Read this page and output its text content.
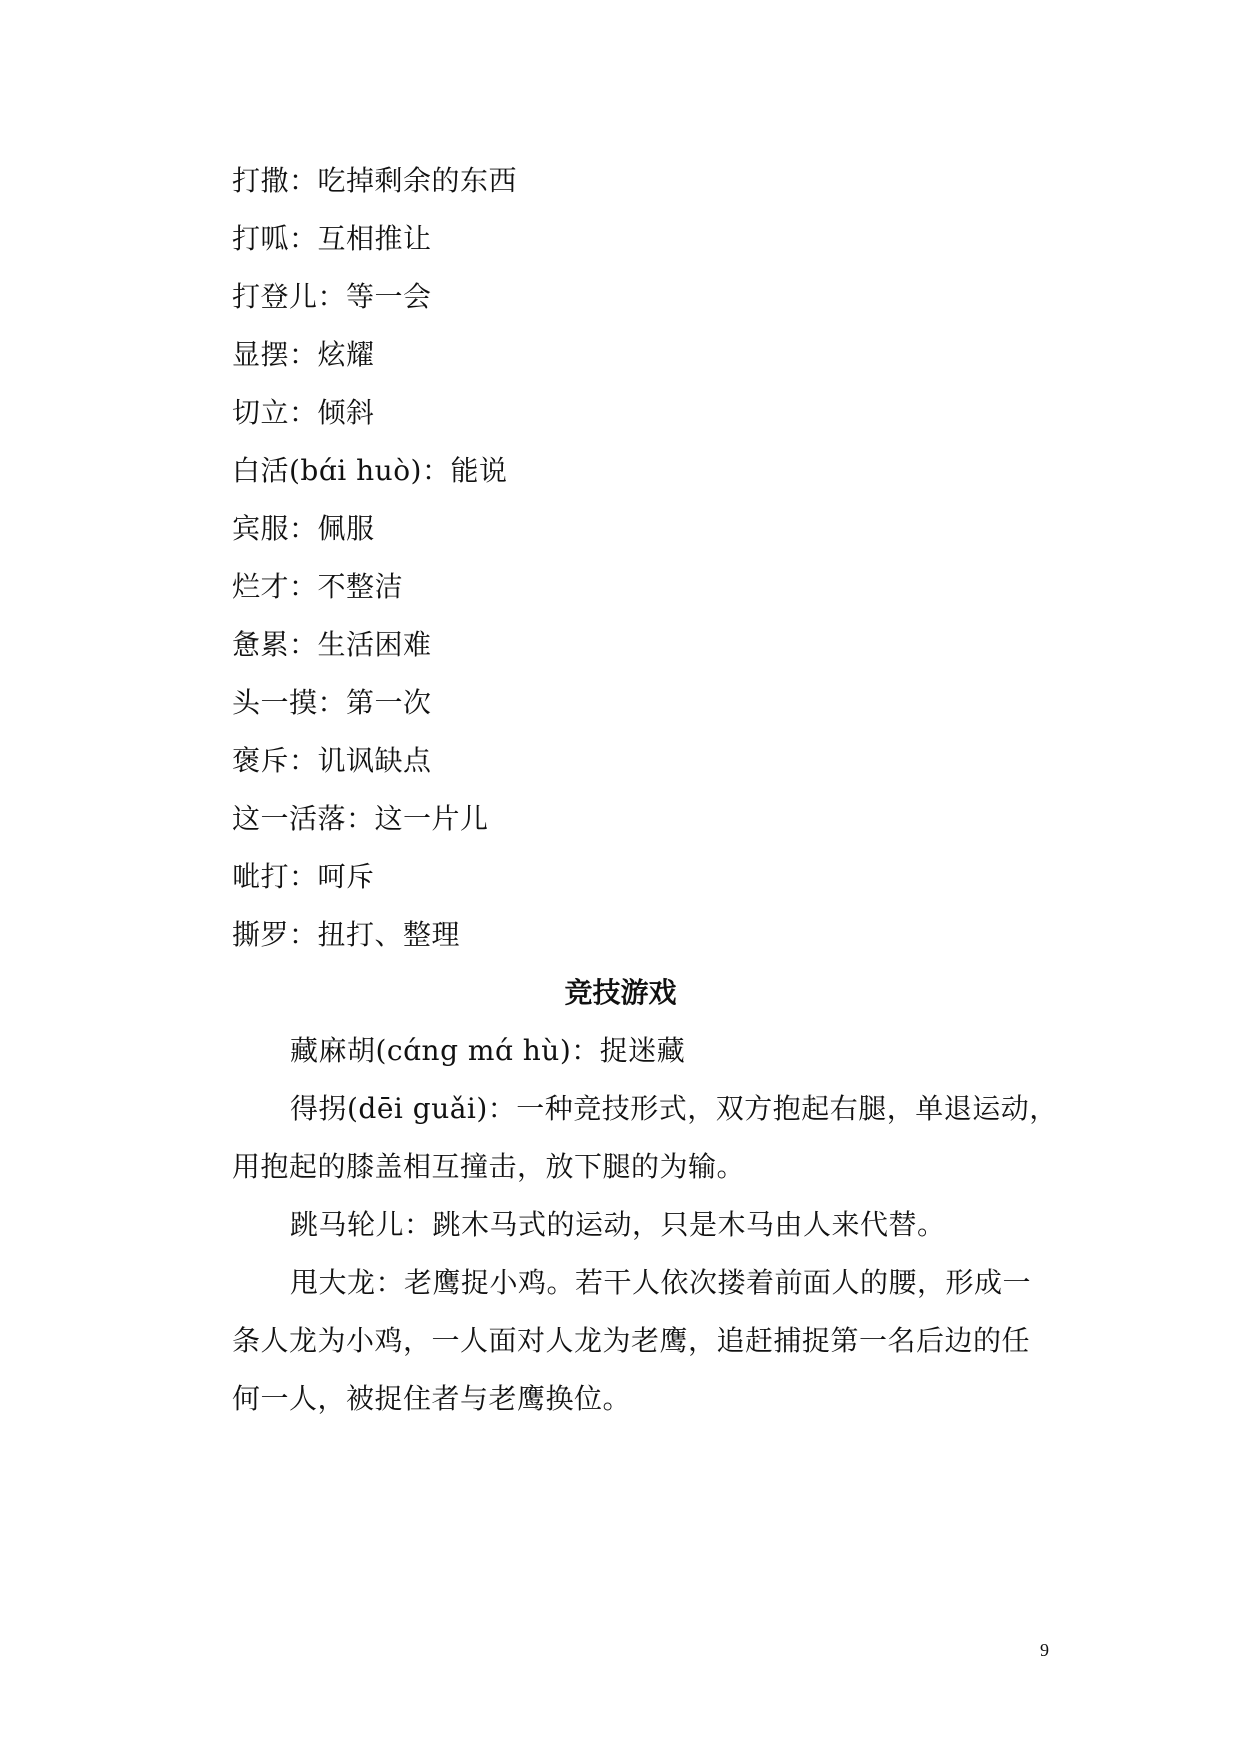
打撒：吃掉剩余的东西
打呱：互相推让
打登儿：等一会
显摆：炫耀
切立：倾斜
白活(bɑ́i huò)：能说
宾服：佩服
烂才：不整洁
惫累：生活困难
头一摸：第一次
褒斥：讥讽缺点
这一活落：这一片儿
呲打：呵斥
撕罗：扭打、整理
竞技游戏
藏麻胡(cɑ́ng mɑ́ hù)：捉迷藏
得拐(dēi guǎi)：一种竞技形式，双方抱起右腿，单退运动，
用抱起的膝盖相互撞击，放下腿的为输。
跳马轮儿：跳木马式的运动，只是木马由人来代替。
甩大龙：老鹰捉小鸡。若干人依次搂着前面人的腰，形成一
条人龙为小鸡，一人面对人龙为老鹰，追赶捕捉第一名后边的任
何一人，被捉住者与老鹰换位。
9
